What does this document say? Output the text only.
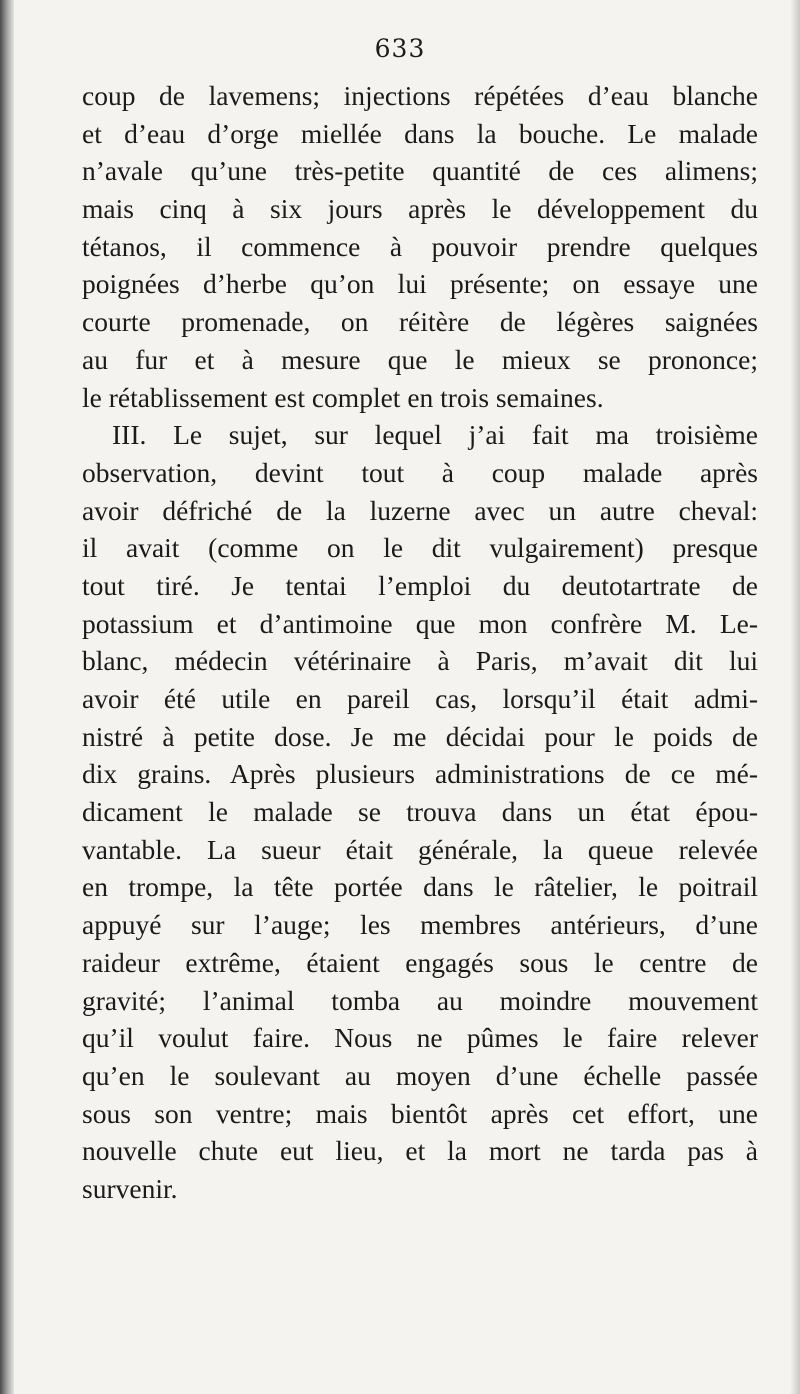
633
coup de lavemens; injections répétées d’eau blanche
et d’eau d’orge miellée dans la bouche. Le malade
n’avale qu’une très-petite quantité de ces alimens;
mais cinq à six jours après le développement du
tétanos, il commence à pouvoir prendre quelques
poignées d’herbe qu’on lui présente; on essaye une
courte promenade, on réitère de légères saignées
au fur et à mesure que le mieux se prononce;
le rétablissement est complet en trois semaines.
III. Le sujet, sur lequel j’ai fait ma troisième
observation, devint tout à coup malade après
avoir défriché de la luzerne avec un autre cheval:
il avait (comme on le dit vulgairement) presque
tout tiré. Je tentai l’emploi du deutotartrate de
potassium et d’antimoine que mon confrère M. Le-
blanc, médecin vétérinaire à Paris, m’avait dit lui
avoir été utile en pareil cas, lorsqu’il était admi-
nistré à petite dose. Je me décidai pour le poids de
dix grains. Après plusieurs administrations de ce mé-
dicament le malade se trouva dans un état épou-
vantable. La sueur était générale, la queue relevée
en trompe, la tête portée dans le râtelier, le poitrail
appuyé sur l’auge; les membres antérieurs, d’une
raideur extrême, étaient engagés sous le centre de
gravité; l’animal tomba au moindre mouvement
qu’il voulut faire. Nous ne pûmes le faire relever
qu’en le soulevant au moyen d’une échelle passée
sous son ventre; mais bientôt après cet effort, une
nouvelle chute eut lieu, et la mort ne tarda pas à
survenir.
